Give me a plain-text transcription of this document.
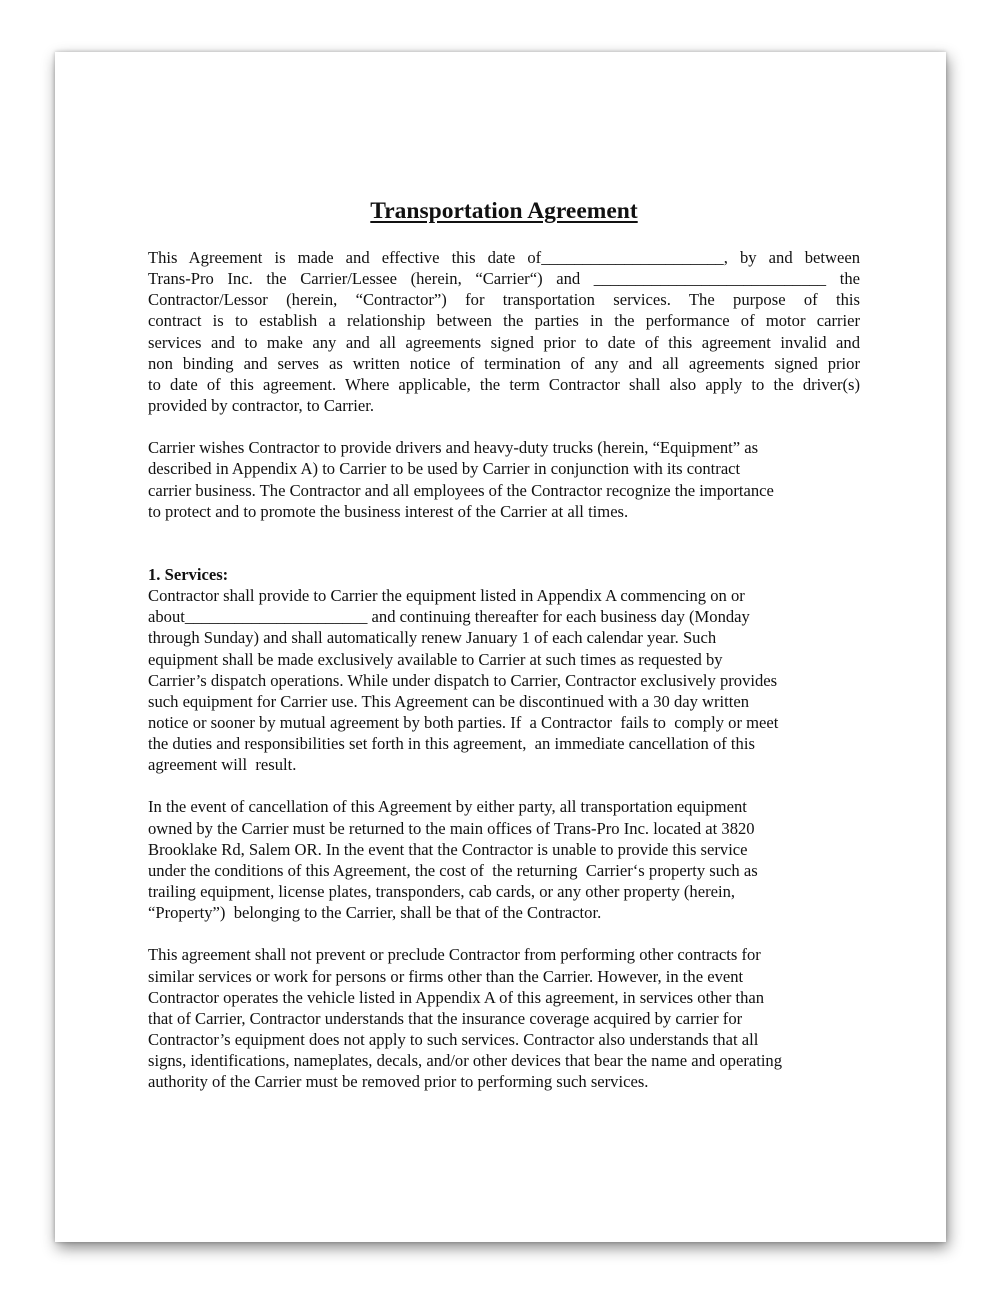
Transportation Agreement

This Agreement is made and effective this date of______________________, by and between
Trans-Pro Inc. the Carrier/Lessee (herein, “Carrier“) and ____________________________ the
Contractor/Lessor (herein, “Contractor”) for transportation services. The purpose of this
contract is to establish a relationship between the parties in the performance of motor carrier
services and to make any and all agreements signed prior to date of this agreement invalid and
non binding and serves as written notice of termination of any and all agreements signed prior
to date of this agreement. Where applicable, the term Contractor shall also apply to the driver(s)
provided by contractor, to Carrier.

Carrier wishes Contractor to provide drivers and heavy-duty trucks (herein, “Equipment” as
described in Appendix A) to Carrier to be used by Carrier in conjunction with its contract
carrier business. The Contractor and all employees of the Contractor recognize the importance
to protect and to promote the business interest of the Carrier at all times.

1. Services:

Contractor shall provide to Carrier the equipment listed in Appendix A commencing on or
about______________________ and continuing thereafter for each business day (Monday
through Sunday) and shall automatically renew January 1 of each calendar year. Such
equipment shall be made exclusively available to Carrier at such times as requested by
Carrier’s dispatch operations. While under dispatch to Carrier, Contractor exclusively provides
such equipment for Carrier use. This Agreement can be discontinued with a 30 day written
notice or sooner by mutual agreement by both parties. If  a Contractor  fails to  comply or meet
the duties and responsibilities set forth in this agreement,  an immediate cancellation of this
agreement will  result.

In the event of cancellation of this Agreement by either party, all transportation equipment
owned by the Carrier must be returned to the main offices of Trans-Pro Inc. located at 3820
Brooklake Rd, Salem OR. In the event that the Contractor is unable to provide this service
under the conditions of this Agreement, the cost of  the returning  Carrier‘s property such as
trailing equipment, license plates, transponders, cab cards, or any other property (herein,
“Property”)  belonging to the Carrier, shall be that of the Contractor.

This agreement shall not prevent or preclude Contractor from performing other contracts for
similar services or work for persons or firms other than the Carrier. However, in the event
Contractor operates the vehicle listed in Appendix A of this agreement, in services other than
that of Carrier, Contractor understands that the insurance coverage acquired by carrier for
Contractor’s equipment does not apply to such services. Contractor also understands that all
signs, identifications, nameplates, decals, and/or other devices that bear the name and operating
authority of the Carrier must be removed prior to performing such services.
